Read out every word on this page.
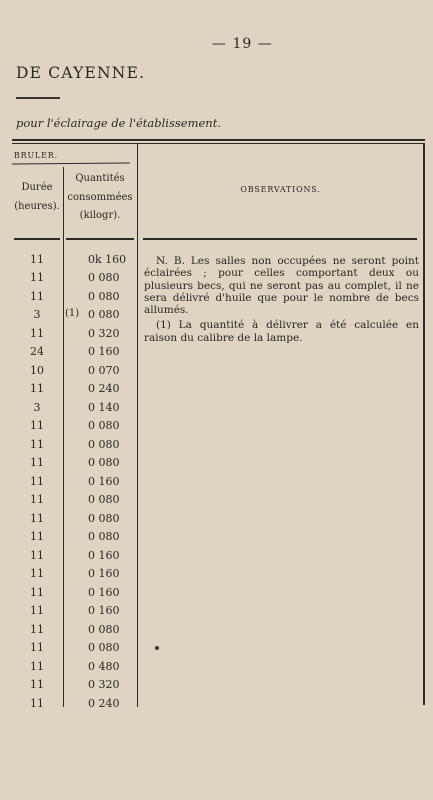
— 19 —
DE CAYENNE.
pour l'éclairage de l'établissement.
BRULER.
Durée
(heures).
Quantités
consommées
(kilogr).
OBSERVATIONS.
11	0k 160
11	0 080
11	0 080
3	(1) 0 080
11	0 320
24	0 160
10	0 070
11	0 240
3	0 140
11	0 080
11	0 080
11	0 080
11	0 160
11	0 080
11	0 080
11	0 080
11	0 160
11	0 160
11	0 160
11	0 160
11	0 080
11	0 080
11	0 480
11	0 320
11	0 240

N. B. Les salles non occupées ne seront point éclairées ; pour celles comportant deux ou plusieurs becs, qui ne seront pas au complet, il ne sera délivré d'huile que pour le nombre de becs allumés.

(1) La quantité à délivrer a été calculée en raison du calibre de la lampe.
